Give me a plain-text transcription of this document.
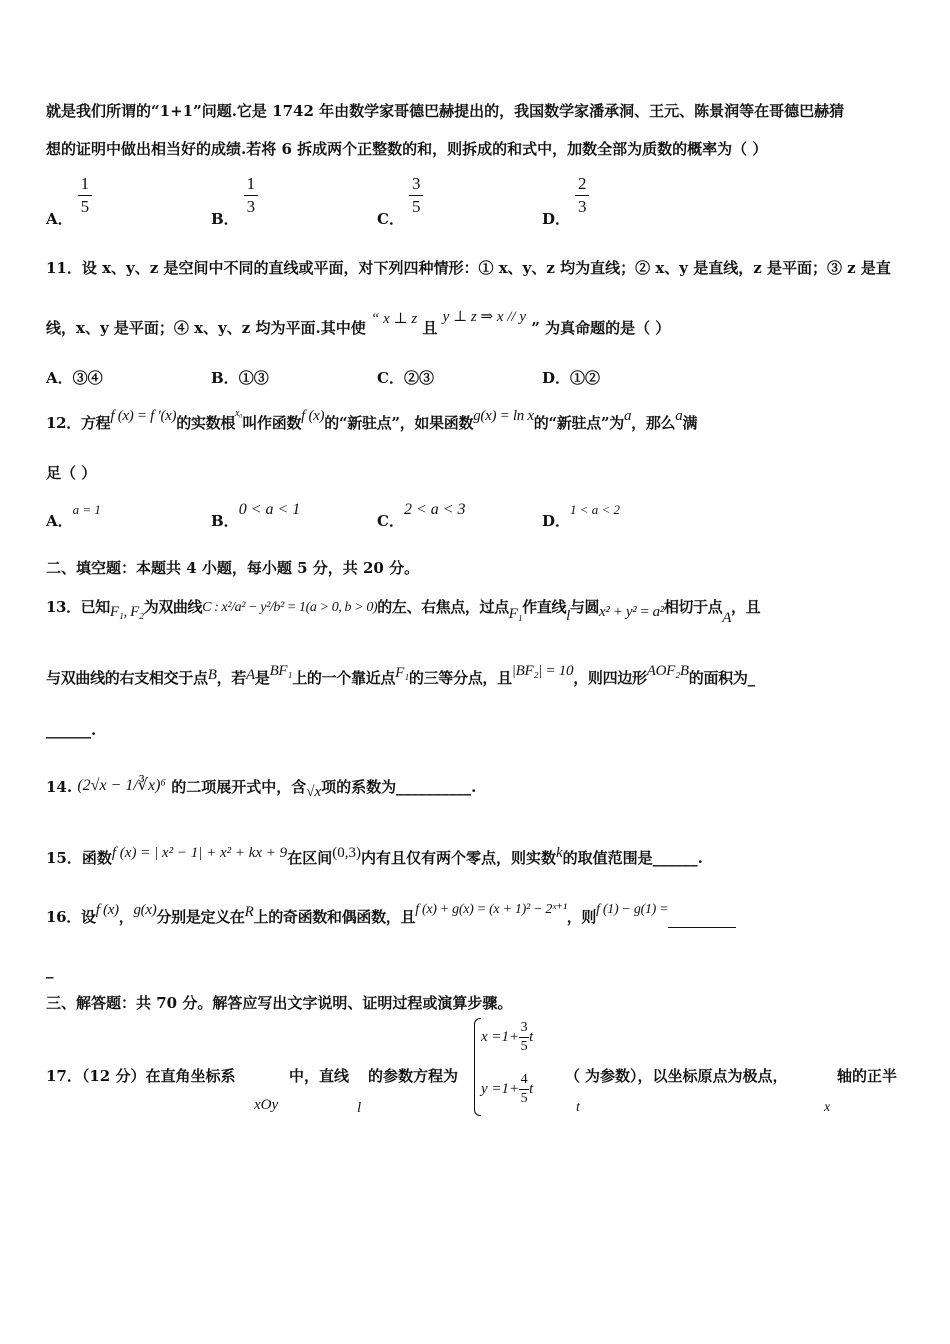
就是我们所谓的“1+1”问题.它是 1742 年由数学家哥德巴赫提出的，我国数学家潘承洞、王元、陈景润等在哥德巴赫猜
想的证明中做出相当好的成绩.若将 6 拆成两个正整数的和，则拆成的和式中，加数全部为质数的概率为（ ）
A．
$\frac{1}{5}$
B．
$\frac{1}{3}$
C．
$\frac{3}{5}$
D．
$\frac{2}{3}$
11．设 x、y、z 是空间中不同的直线或平面，对下列四种情形：① x、y、z 均为直线；② x、y 是直线，z 是平面；③ z 是直
线，x、y 是平面；④ x、y、z 均为平面.其中使 “ x ⊥ z 且 y ⊥ z ⇒ x // y ” 为真命题的是（ ）
A．③④	B．①③	C．②③	D．①②
12．方程f (x) = f ′(x)的实数根x₀叫作函数f (x)的“新驻点”，如果函数g(x) = ln x的“新驻点”为a，那么a满
足（ ）
A．a = 1
B．0 < a < 1
C．2 < a < 3
D．1 < a < 2
二、填空题：本题共 4 小题，每小题 5 分，共 20 分。
13．已知F₁, F₂为双曲线C : x²/a² − y²/b² = 1(a > 0, b > 0)的左、右焦点，过点F₁作直线l与圆x² + y² = a²相切于点A，且
与双曲线的右支相交于点B，若A是BF₁上的一个靠近点F₁的三等分点，且|BF₂| = 10，则四边形AOF₂B的面积为_
______.
14. (2√x − 1/∛x)⁶ 的二项展开式中，含√x项的系数为__________.
15．函数f (x) = | x² − 1| + x² + kx + 9在区间(0,3)内有且仅有两个零点，则实数k的取值范围是______.
16．设f (x)，g(x)分别是定义在R上的奇函数和偶函数，且f (x) + g(x) = (x + 1)² − 2ˣ⁺¹，则f (1) − g(1) =
_
三、解答题：共 70 分。解答应写出文字说明、证明过程或演算步骤。
17．（12 分）在直角坐标系	中，直线 的参数方程为	（ 为参数），以坐标原点为极点，	轴的正半
xOy	l	t	x
$x =1+ \frac{3}{5}$ t
$y =1+ \frac{4}{5}$ t
